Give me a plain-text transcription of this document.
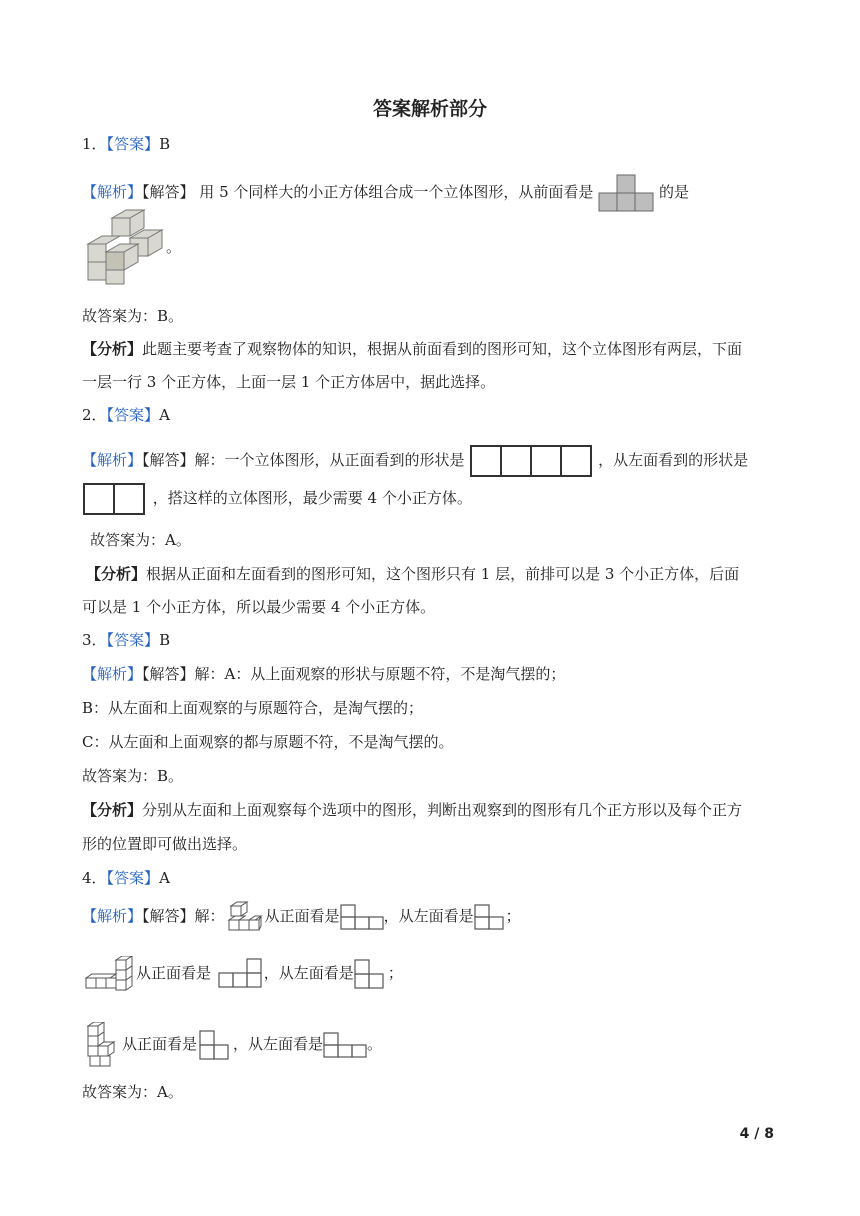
答案解析部分
1．【答案】B
【解析】【解答】 用 5 个同样大的小正方体组合成一个立体图形，从前面看是	的是
。
故答案为：B。
【分析】此题主要考查了观察物体的知识，根据从前面看到的图形可知，这个立体图形有两层，下面
一层一行 3 个正方体，上面一层 1 个正方体居中，据此选择。
2．【答案】A
【解析】【解答】解：一个立体图形，从正面看到的形状是	，从左面看到的形状是
，搭这样的立体图形，最少需要 4 个小正方体。
故答案为：A。
【分析】根据从正面和左面看到的图形可知，这个图形只有 1 层，前排可以是 3 个小正方体，后面
可以是 1 个小正方体，所以最少需要 4 个小正方体。
3．【答案】B
【解析】【解答】解：A：从上面观察的形状与原题不符，不是淘气摆的；
B：从左面和上面观察的与原题符合，是淘气摆的；
C：从左面和上面观察的都与原题不符，不是淘气摆的。
故答案为：B。
【分析】分别从左面和上面观察每个选项中的图形，判断出观察到的图形有几个正方形以及每个正方
形的位置即可做出选择。
4．【答案】A
【解析】【解答】解：	从正面看是	，从左面看是 ；
从正面看是	，从左面看是 ；
从正面看是 ，从左面看是	。
故答案为：A。
4 / 8
